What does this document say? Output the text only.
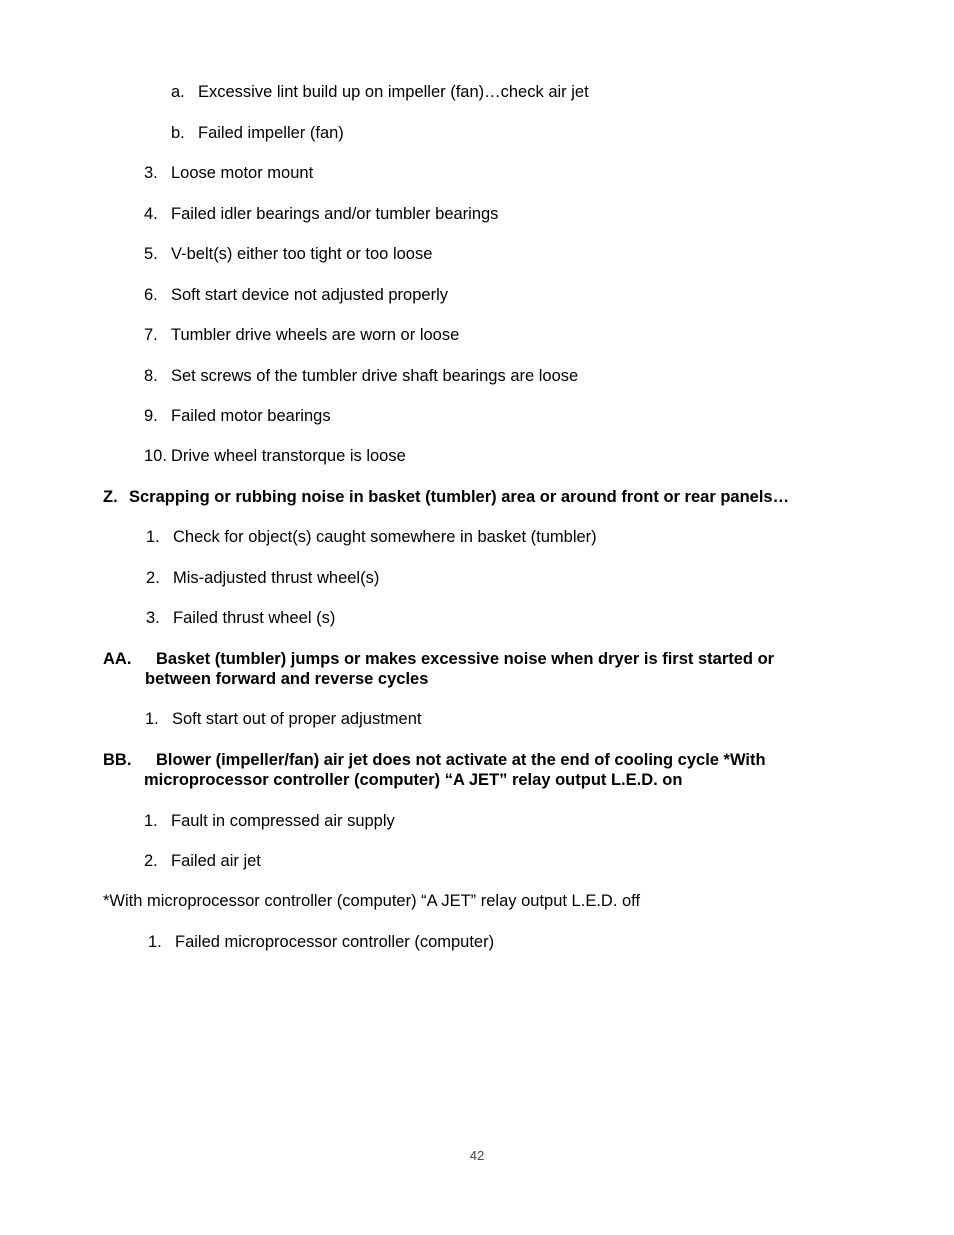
a. Excessive lint build up on impeller (fan)…check air jet
b. Failed impeller (fan)
3. Loose motor mount
4. Failed idler bearings and/or tumbler bearings
5. V-belt(s) either too tight or too loose
6. Soft start device not adjusted properly
7. Tumbler drive wheels are worn or loose
8. Set screws of the tumbler drive shaft bearings are loose
9. Failed motor bearings
10. Drive wheel transtorque is loose
Z. Scrapping or rubbing noise in basket (tumbler) area or around front or rear panels…
1. Check for object(s) caught somewhere in basket (tumbler)
2. Mis-adjusted thrust wheel(s)
3. Failed thrust wheel (s)
AA. Basket (tumbler) jumps or makes excessive noise when dryer is first started or
between forward and reverse cycles
1. Soft start out of proper adjustment
BB. Blower (impeller/fan) air jet does not activate at the end of cooling cycle *With
microprocessor controller (computer) “A JET” relay output L.E.D. on
1. Fault in compressed air supply
2. Failed air jet
*With microprocessor controller (computer) “A JET” relay output L.E.D. off
1. Failed microprocessor controller (computer)
42
